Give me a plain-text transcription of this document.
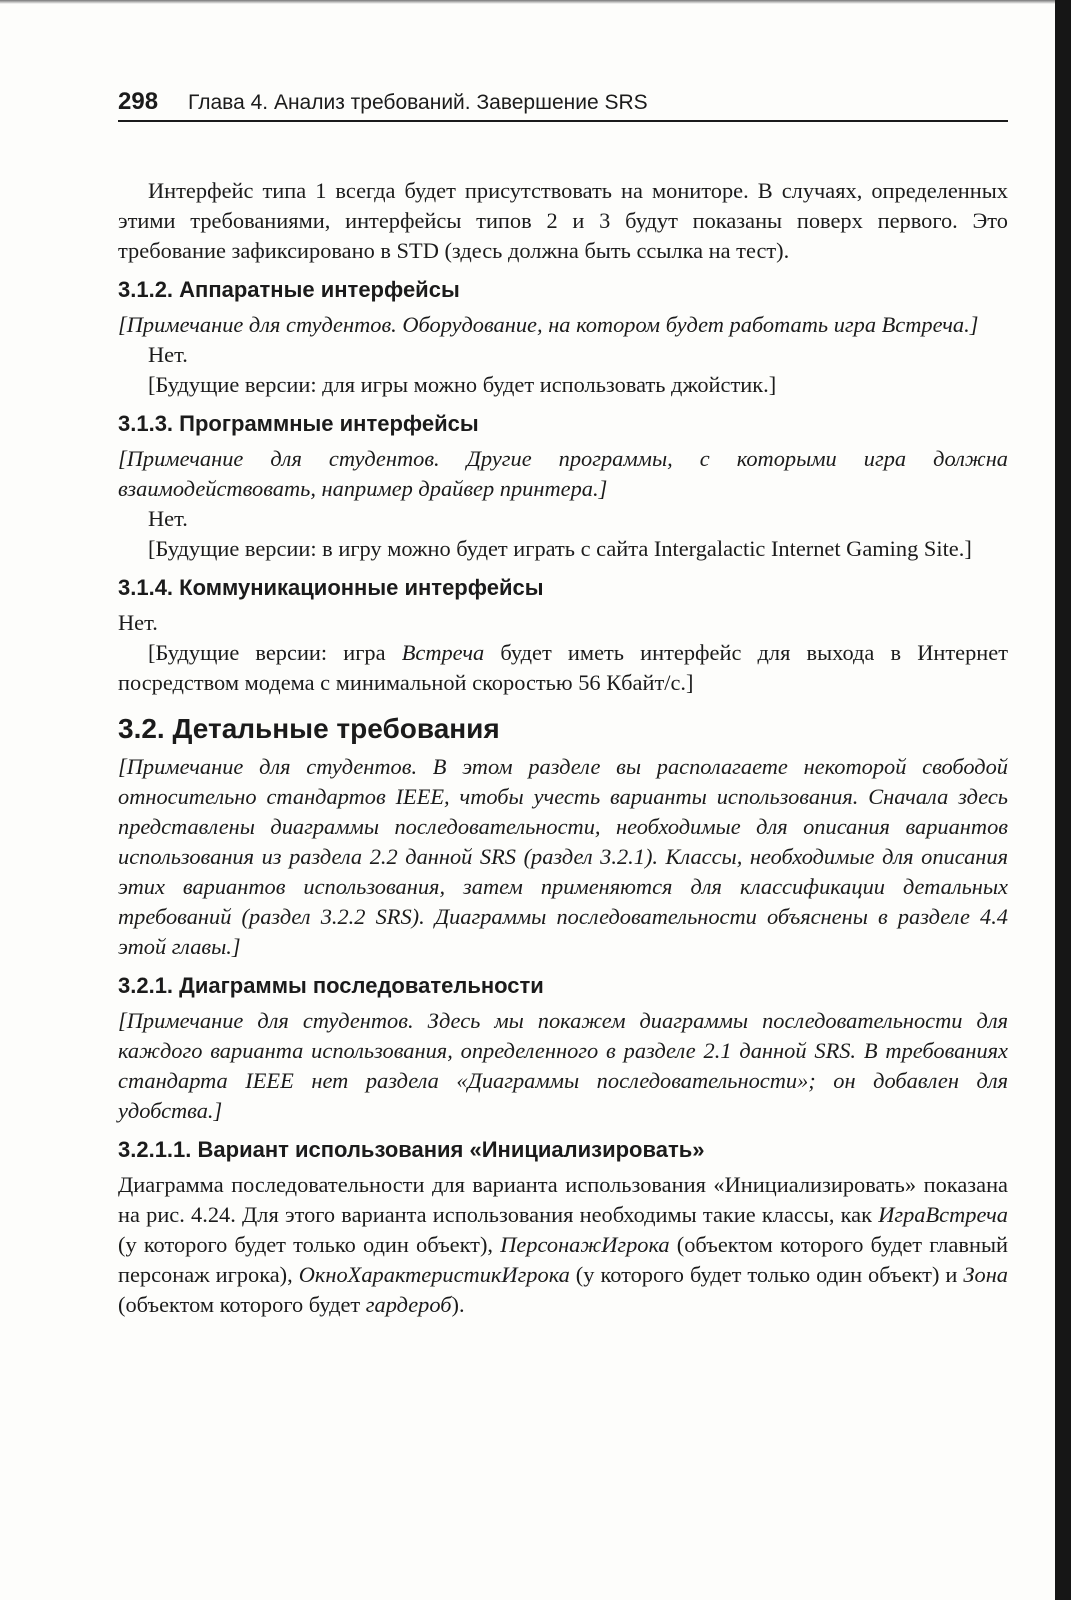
298 Глава 4. Анализ требований. Завершение SRS

Интерфейс типа 1 всегда будет присутствовать на мониторе. В случаях, определенных этими требованиями, интерфейсы типов 2 и 3 будут показаны поверх первого. Это требование зафиксировано в STD (здесь должна быть ссылка на тест).

3.1.2. Аппаратные интерфейсы

[Примечание для студентов. Оборудование, на котором будет работать игра Встреча.]

Нет.

[Будущие версии: для игры можно будет использовать джойстик.]

3.1.3. Программные интерфейсы

[Примечание для студентов. Другие программы, с которыми игра должна взаимодействовать, например драйвер принтера.]

Нет.

[Будущие версии: в игру можно будет играть с сайта Intergalactic Internet Gaming Site.]

3.1.4. Коммуникационные интерфейсы

Нет.

[Будущие версии: игра Встреча будет иметь интерфейс для выхода в Интернет посредством модема с минимальной скоростью 56 Кбайт/с.]

3.2. Детальные требования

[Примечание для студентов. В этом разделе вы располагаете некоторой свободой относительно стандартов IEEE, чтобы учесть варианты использования. Сначала здесь представлены диаграммы последовательности, необходимые для описания вариантов использования из раздела 2.2 данной SRS (раздел 3.2.1). Классы, необходимые для описания этих вариантов использования, затем применяются для классификации детальных требований (раздел 3.2.2 SRS). Диаграммы последовательности объяснены в разделе 4.4 этой главы.]

3.2.1. Диаграммы последовательности

[Примечание для студентов. Здесь мы покажем диаграммы последовательности для каждого варианта использования, определенного в разделе 2.1 данной SRS. В требованиях стандарта IEEE нет раздела «Диаграммы последовательности»; он добавлен для удобства.]

3.2.1.1. Вариант использования «Инициализировать»

Диаграмма последовательности для варианта использования «Инициализировать» показана на рис. 4.24. Для этого варианта использования необходимы такие классы, как ИграВстреча (у которого будет только один объект), ПерсонажИгрока (объектом которого будет главный персонаж игрока), ОкноХарактеристикИгрока (у которого будет только один объект) и Зона (объектом которого будет гардероб).
